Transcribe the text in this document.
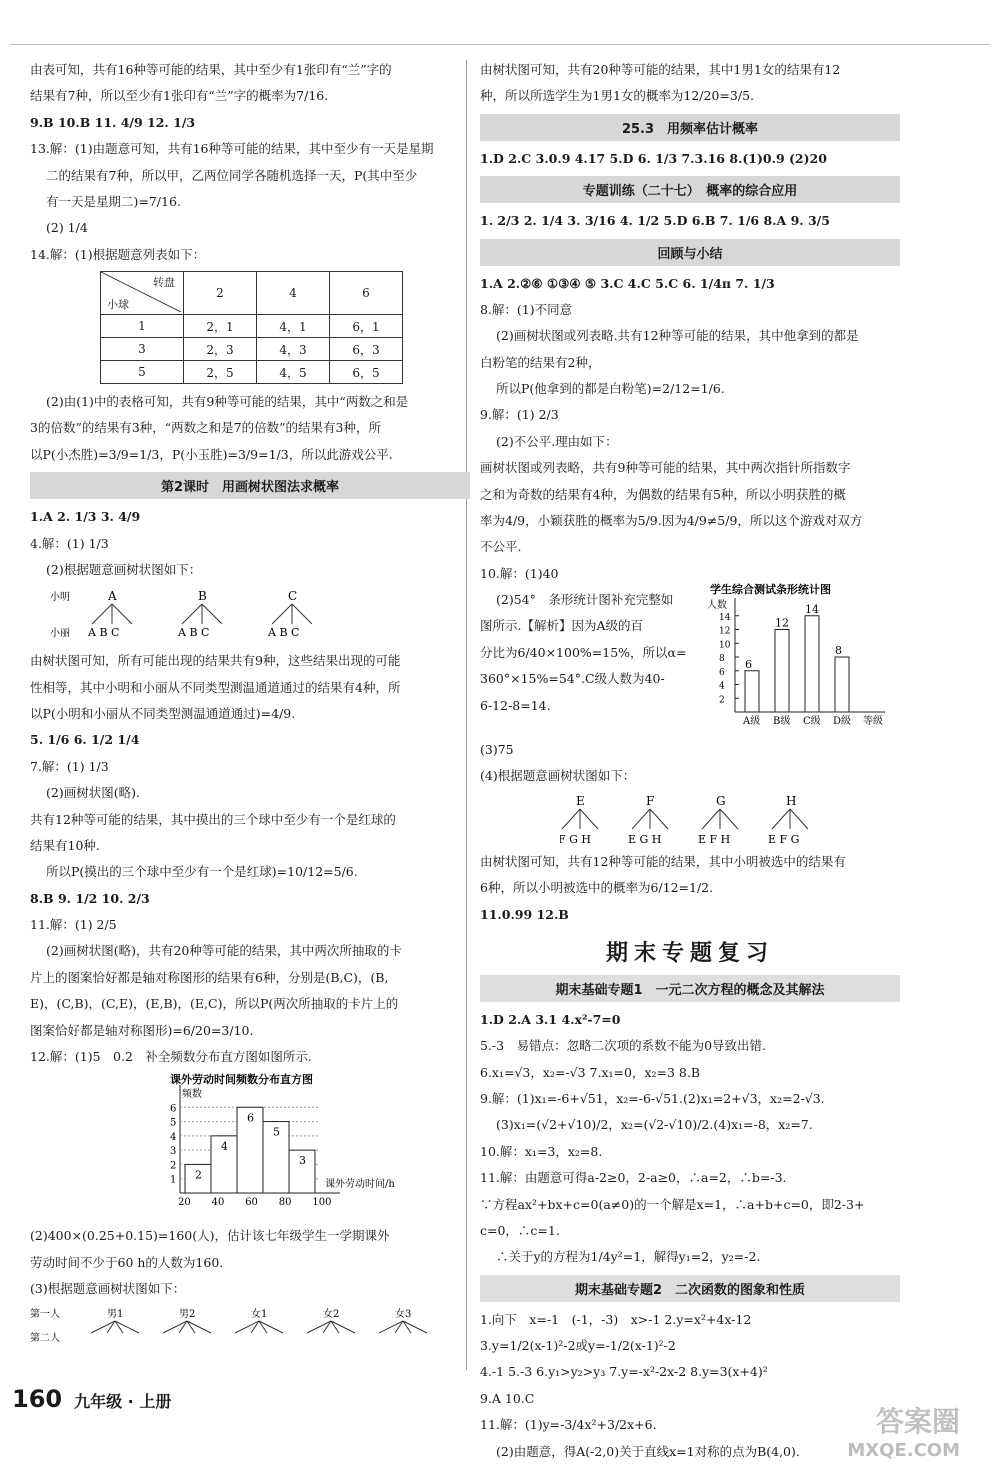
由表可知，共有16种等可能的结果，其中至少有1张印有“兰”字的

结果有7种，所以至少有1张印有“兰”字的概率为7/16.

9.B 10.B 11. 4/9 12. 1/3

13.解：(1)由题意可知，共有16种等可能的结果，其中至少有一天是星期

二的结果有7种，所以甲，乙两位同学各随机选择一天，P(其中至少

有一天是星期二)=7/16.

(2) 1/4

14.解：(1)根据题意列表如下：

转盘
小球	2	4	6
1	2，1	4，1	6，1
3	2，3	4，3	6，3
5	2，5	4，5	6，5

(2)由(1)中的表格可知，共有9种等可能的结果，其中“两数之和是

3的倍数”的结果有3种，“两数之和是7的倍数”的结果有3种，所

以P(小杰胜)=3/9=1/3，P(小玉胜)=3/9=1/3，所以此游戏公平.

第2课时　用画树状图法求概率

1.A 2. 1/3 3. 4/9

4.解：(1) 1/3

(2)根据题意画树状图如下：

小明
小丽
A
A B C
B
A B C
C
A B C

由树状图可知，所有可能出现的结果共有9种，这些结果出现的可能

性相等，其中小明和小丽从不同类型测温通道通过的结果有4种，所

以P(小明和小丽从不同类型测温通道通过)=4/9.

5. 1/6 6. 1/2 1/4

7.解：(1) 1/3

(2)画树状图(略).

共有12种等可能的结果，其中摸出的三个球中至少有一个是红球的

结果有10种.

所以P(摸出的三个球中至少有一个是红球)=10/12=5/6.

8.B 9. 1/2 10. 2/3

11.解：(1) 2/5

(2)画树状图(略)，共有20种等可能的结果，其中两次所抽取的卡

片上的图案恰好都是轴对称图形的结果有6种，分别是(B,C)，(B,

E)，(C,B)，(C,E)，(E,B)，(E,C)，所以P(两次所抽取的卡片上的

图案恰好都是轴对称图形)=6/20=3/10.

12.解：(1)5　0.2　补全频数分布直方图如图所示.

课外劳动时间频数分布直方图
频数
1
2
3
4
5
6
2
4
6
5
3
20 40 60 80 100
课外劳动时间/h

(2)400×(0.25+0.15)=160(人)，估计该七年级学生一学期课外

劳动时间不少于60 h的人数为160.

(3)根据题意画树状图如下：

第一人
第二人
男1	男2	女1	女2	女3

由树状图可知，共有20种等可能的结果，其中1男1女的结果有12

种，所以所选学生为1男1女的概率为12/20=3/5.

25.3　用频率估计概率

1.D 2.C 3.0.9 4.17 5.D 6. 1/3 7.3.16 8.(1)0.9 (2)20

专题训练（二十七）　概率的综合应用

1. 2/3 2. 1/4 3. 3/16 4. 1/2 5.D 6.B 7. 1/6 8.A 9. 3/5

回顾与小结

1.A 2.②⑥ ①③④ ⑤ 3.C 4.C 5.C 6. 1/4π 7. 1/3

8.解：(1)不同意

(2)画树状图或列表略.共有12种等可能的结果，其中他拿到的都是

白粉笔的结果有2种，

所以P(他拿到的都是白粉笔)=2/12=1/6.

9.解：(1) 2/3

(2)不公平.理由如下：

画树状图或列表略，共有9种等可能的结果，其中两次指针所指数字

之和为奇数的结果有4种，为偶数的结果有5种，所以小明获胜的概

率为4/9，小颖获胜的概率为5/9.因为4/9≠5/9，所以这个游戏对双方

不公平.

10.解：(1)40

(2)54°　条形统计图补充完整如

图所示.【解析】因为A级的百

分比为6/40×100%=15%，所以α=

360°×15%=54°.C级人数为40-

6-12-8=14.

学生综合测试条形统计图
人数
2
4
6
8
10
12
14
6
A级
12
B级
14
C级
8
D级 等级

(3)75

(4)根据题意画树状图如下：

E
F G H
F
E G H
G
E F H
H
E F G

由树状图可知，共有12种等可能的结果，其中小明被选中的结果有

6种，所以小明被选中的概率为6/12=1/2.

11.0.99 12.B

期末专题复习
期末基础专题1　一元二次方程的概念及其解法

1.D 2.A 3.1 4.x²-7=0

5.-3　易错点：忽略二次项的系数不能为0导致出错.

6.x₁=√3，x₂=-√3 7.x₁=0，x₂=3 8.B

9.解：(1)x₁=-6+√51，x₂=-6-√51.(2)x₁=2+√3，x₂=2-√3.

(3)x₁=(√2+√10)/2，x₂=(√2-√10)/2.(4)x₁=-8，x₂=7.

10.解：x₁=3，x₂=8.

11.解：由题意可得a-2≥0，2-a≥0，∴a=2，∴b=-3.

∵方程ax²+bx+c=0(a≠0)的一个解是x=1，∴a+b+c=0，即2-3+

c=0，∴c=1.

∴关于y的方程为1/4y²=1，解得y₁=2，y₂=-2.

期末基础专题2　二次函数的图象和性质

1.向下　x=-1　(-1，-3)　x>-1 2.y=x²+4x-12

3.y=1/2(x-1)²-2或y=-1/2(x-1)²-2

4.-1 5.-3 6.y₁>y₂>y₃ 7.y=-x²-2x-2 8.y=3(x+4)²

9.A 10.C

11.解：(1)y=-3/4x²+3/2x+6.

(2)由题意，得A(-2,0)关于直线x=1对称的点为B(4,0).

160 九年级 · 上册
答案圈
MXQE.COM
